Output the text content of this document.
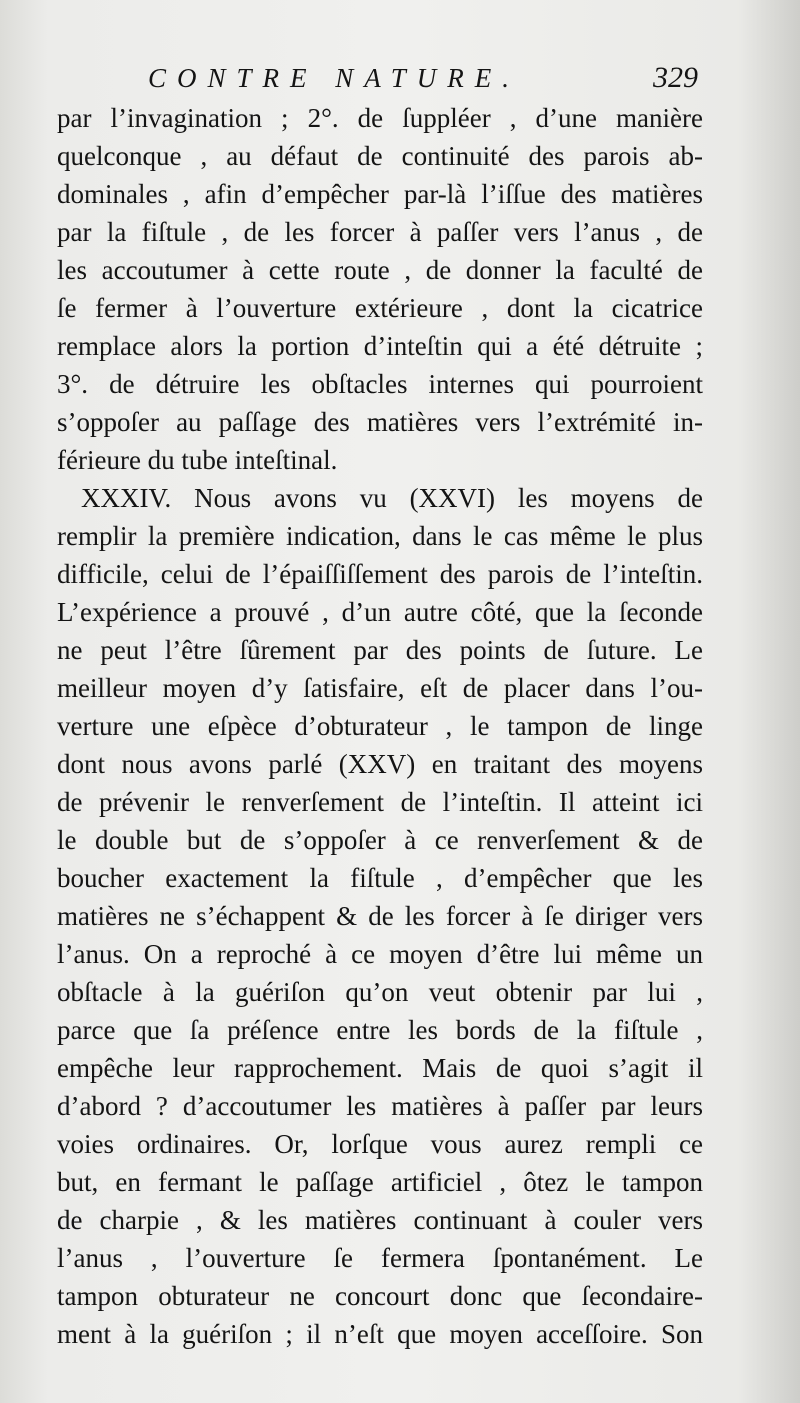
CONTRE NATURE.	329
par l’invagination ; 2°. de ſuppléer , d’une manière
quelconque , au défaut de continuité des parois ab-
dominales , afin d’empêcher par-là l’iſſue des matières
par la fiſtule , de les forcer à paſſer vers l’anus , de
les accoutumer à cette route , de donner la faculté de
ſe fermer à l’ouverture extérieure , dont la cicatrice
remplace alors la portion d’inteſtin qui a été détruite ;
3°. de détruire les obſtacles internes qui pourroient
s’oppoſer au paſſage des matières vers l’extrémité in-
férieure du tube inteſtinal.
XXXIV. Nous avons vu (XXVI) les moyens de
remplir la première indication, dans le cas même le plus
difficile, celui de l’épaiſſiſſement des parois de l’inteſtin.
L’expérience a prouvé , d’un autre côté, que la ſeconde
ne peut l’être ſûrement par des points de ſuture. Le
meilleur moyen d’y ſatisfaire, eſt de placer dans l’ou-
verture une eſpèce d’obturateur , le tampon de linge
dont nous avons parlé (XXV) en traitant des moyens
de prévenir le renverſement de l’inteſtin. Il atteint ici
le double but de s’oppoſer à ce renverſement & de
boucher exactement la fiſtule , d’empêcher que les
matières ne s’échappent & de les forcer à ſe diriger vers
l’anus. On a reproché à ce moyen d’être lui même un
obſtacle à la guériſon qu’on veut obtenir par lui ,
parce que ſa préſence entre les bords de la fiſtule ,
empêche leur rapprochement. Mais de quoi s’agit il
d’abord ? d’accoutumer les matières à paſſer par leurs
voies ordinaires. Or, lorſque vous aurez rempli ce
but, en fermant le paſſage artificiel , ôtez le tampon
de charpie , & les matières continuant à couler vers
l’anus , l’ouverture ſe fermera ſpontanément. Le
tampon obturateur ne concourt donc que ſecondaire-
ment à la guériſon ; il n’eſt que moyen acceſſoire. Son
